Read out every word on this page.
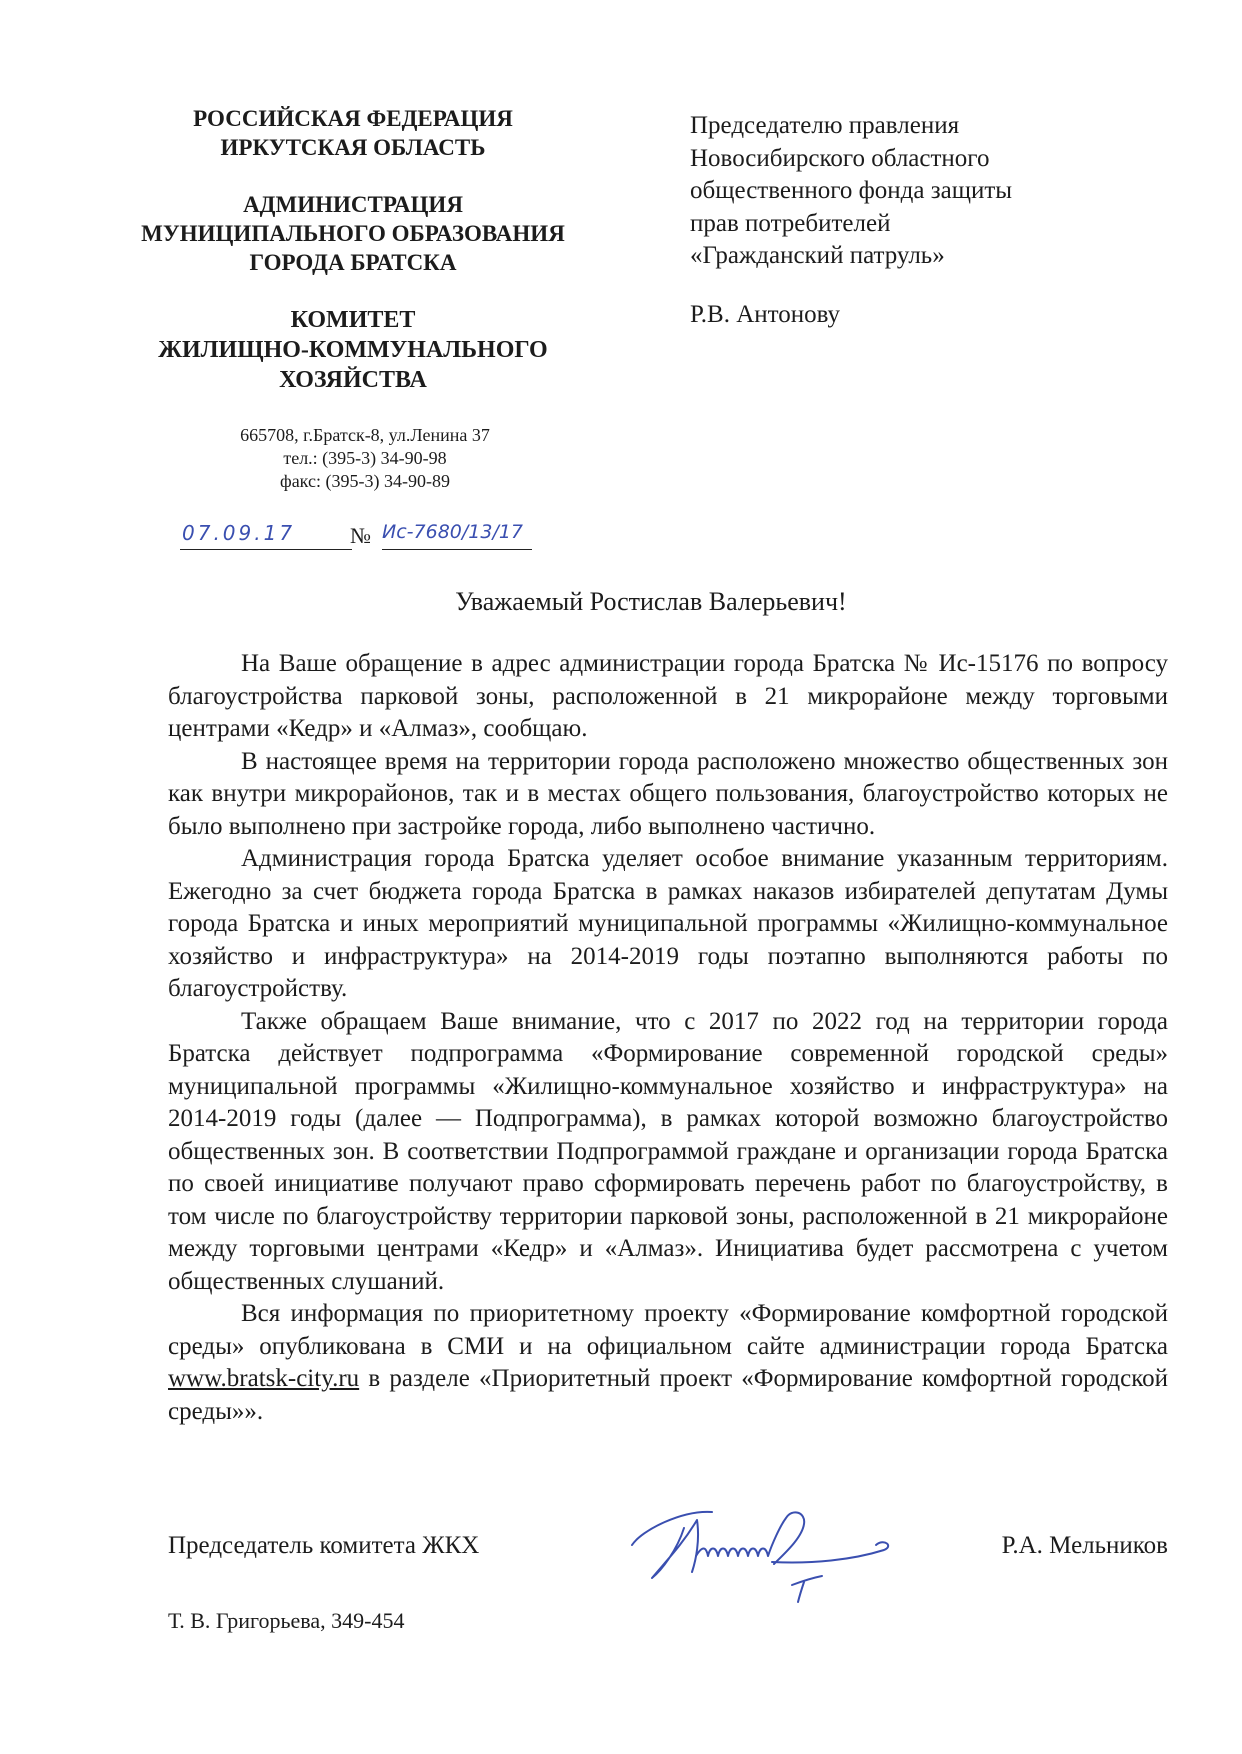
РОССИЙСКАЯ ФЕДЕРАЦИЯ
ИРКУТСКАЯ ОБЛАСТЬ
АДМИНИСТРАЦИЯ
МУНИЦИПАЛЬНОГО ОБРАЗОВАНИЯ
ГОРОДА БРАТСКА
КОМИТЕТ
ЖИЛИЩНО-КОММУНАЛЬНОГО
ХОЗЯЙСТВА
665708, г.Братск-8, ул.Ленина 37
тел.: (395-3) 34-90-98
факс: (395-3) 34-90-89
07.09.17	№ Ис-7680/13/17
Председателю правления
Новосибирского областного
общественного фонда защиты
прав потребителей
«Гражданский патруль»
Р.В. Антонову
Уважаемый Ростислав Валерьевич!

На Ваше обращение в адрес администрации города Братска № Ис-15176 по вопросу благоустройства парковой зоны, расположенной в 21 микрорайоне между торговыми центрами «Кедр» и «Алмаз», сообщаю.

В настоящее время на территории города расположено множество общественных зон как внутри микрорайонов, так и в местах общего пользования, благоустройство которых не было выполнено при застройке города, либо выполнено частично.

Администрация города Братска уделяет особое внимание указанным территориям. Ежегодно за счет бюджета города Братска в рамках наказов избирателей депутатам Думы города Братска и иных мероприятий муниципальной программы «Жилищно-коммунальное хозяйство и инфраструктура» на 2014-2019 годы поэтапно выполняются работы по благоустройству.

Также обращаем Ваше внимание, что с 2017 по 2022 год на территории города Братска действует подпрограмма «Формирование современной городской среды» муниципальной программы «Жилищно-коммунальное хозяйство и инфраструктура» на 2014-2019 годы (далее — Подпрограмма), в рамках которой возможно благоустройство общественных зон. В соответствии Подпрограммой граждане и организации города Братска по своей инициативе получают право сформировать перечень работ по благоустройству, в том числе по благоустройству территории парковой зоны, расположенной в 21 микрорайоне между торговыми центрами «Кедр» и «Алмаз». Инициатива будет рассмотрена с учетом общественных слушаний.

Вся информация по приоритетному проекту «Формирование комфортной городской среды» опубликована в СМИ и на официальном сайте администрации города Братска www.bratsk-city.ru в разделе «Приоритетный проект «Формирование комфортной городской среды»».

Председатель комитета ЖКХ	Р.А. Мельников
Т. В. Григорьева, 349-454
